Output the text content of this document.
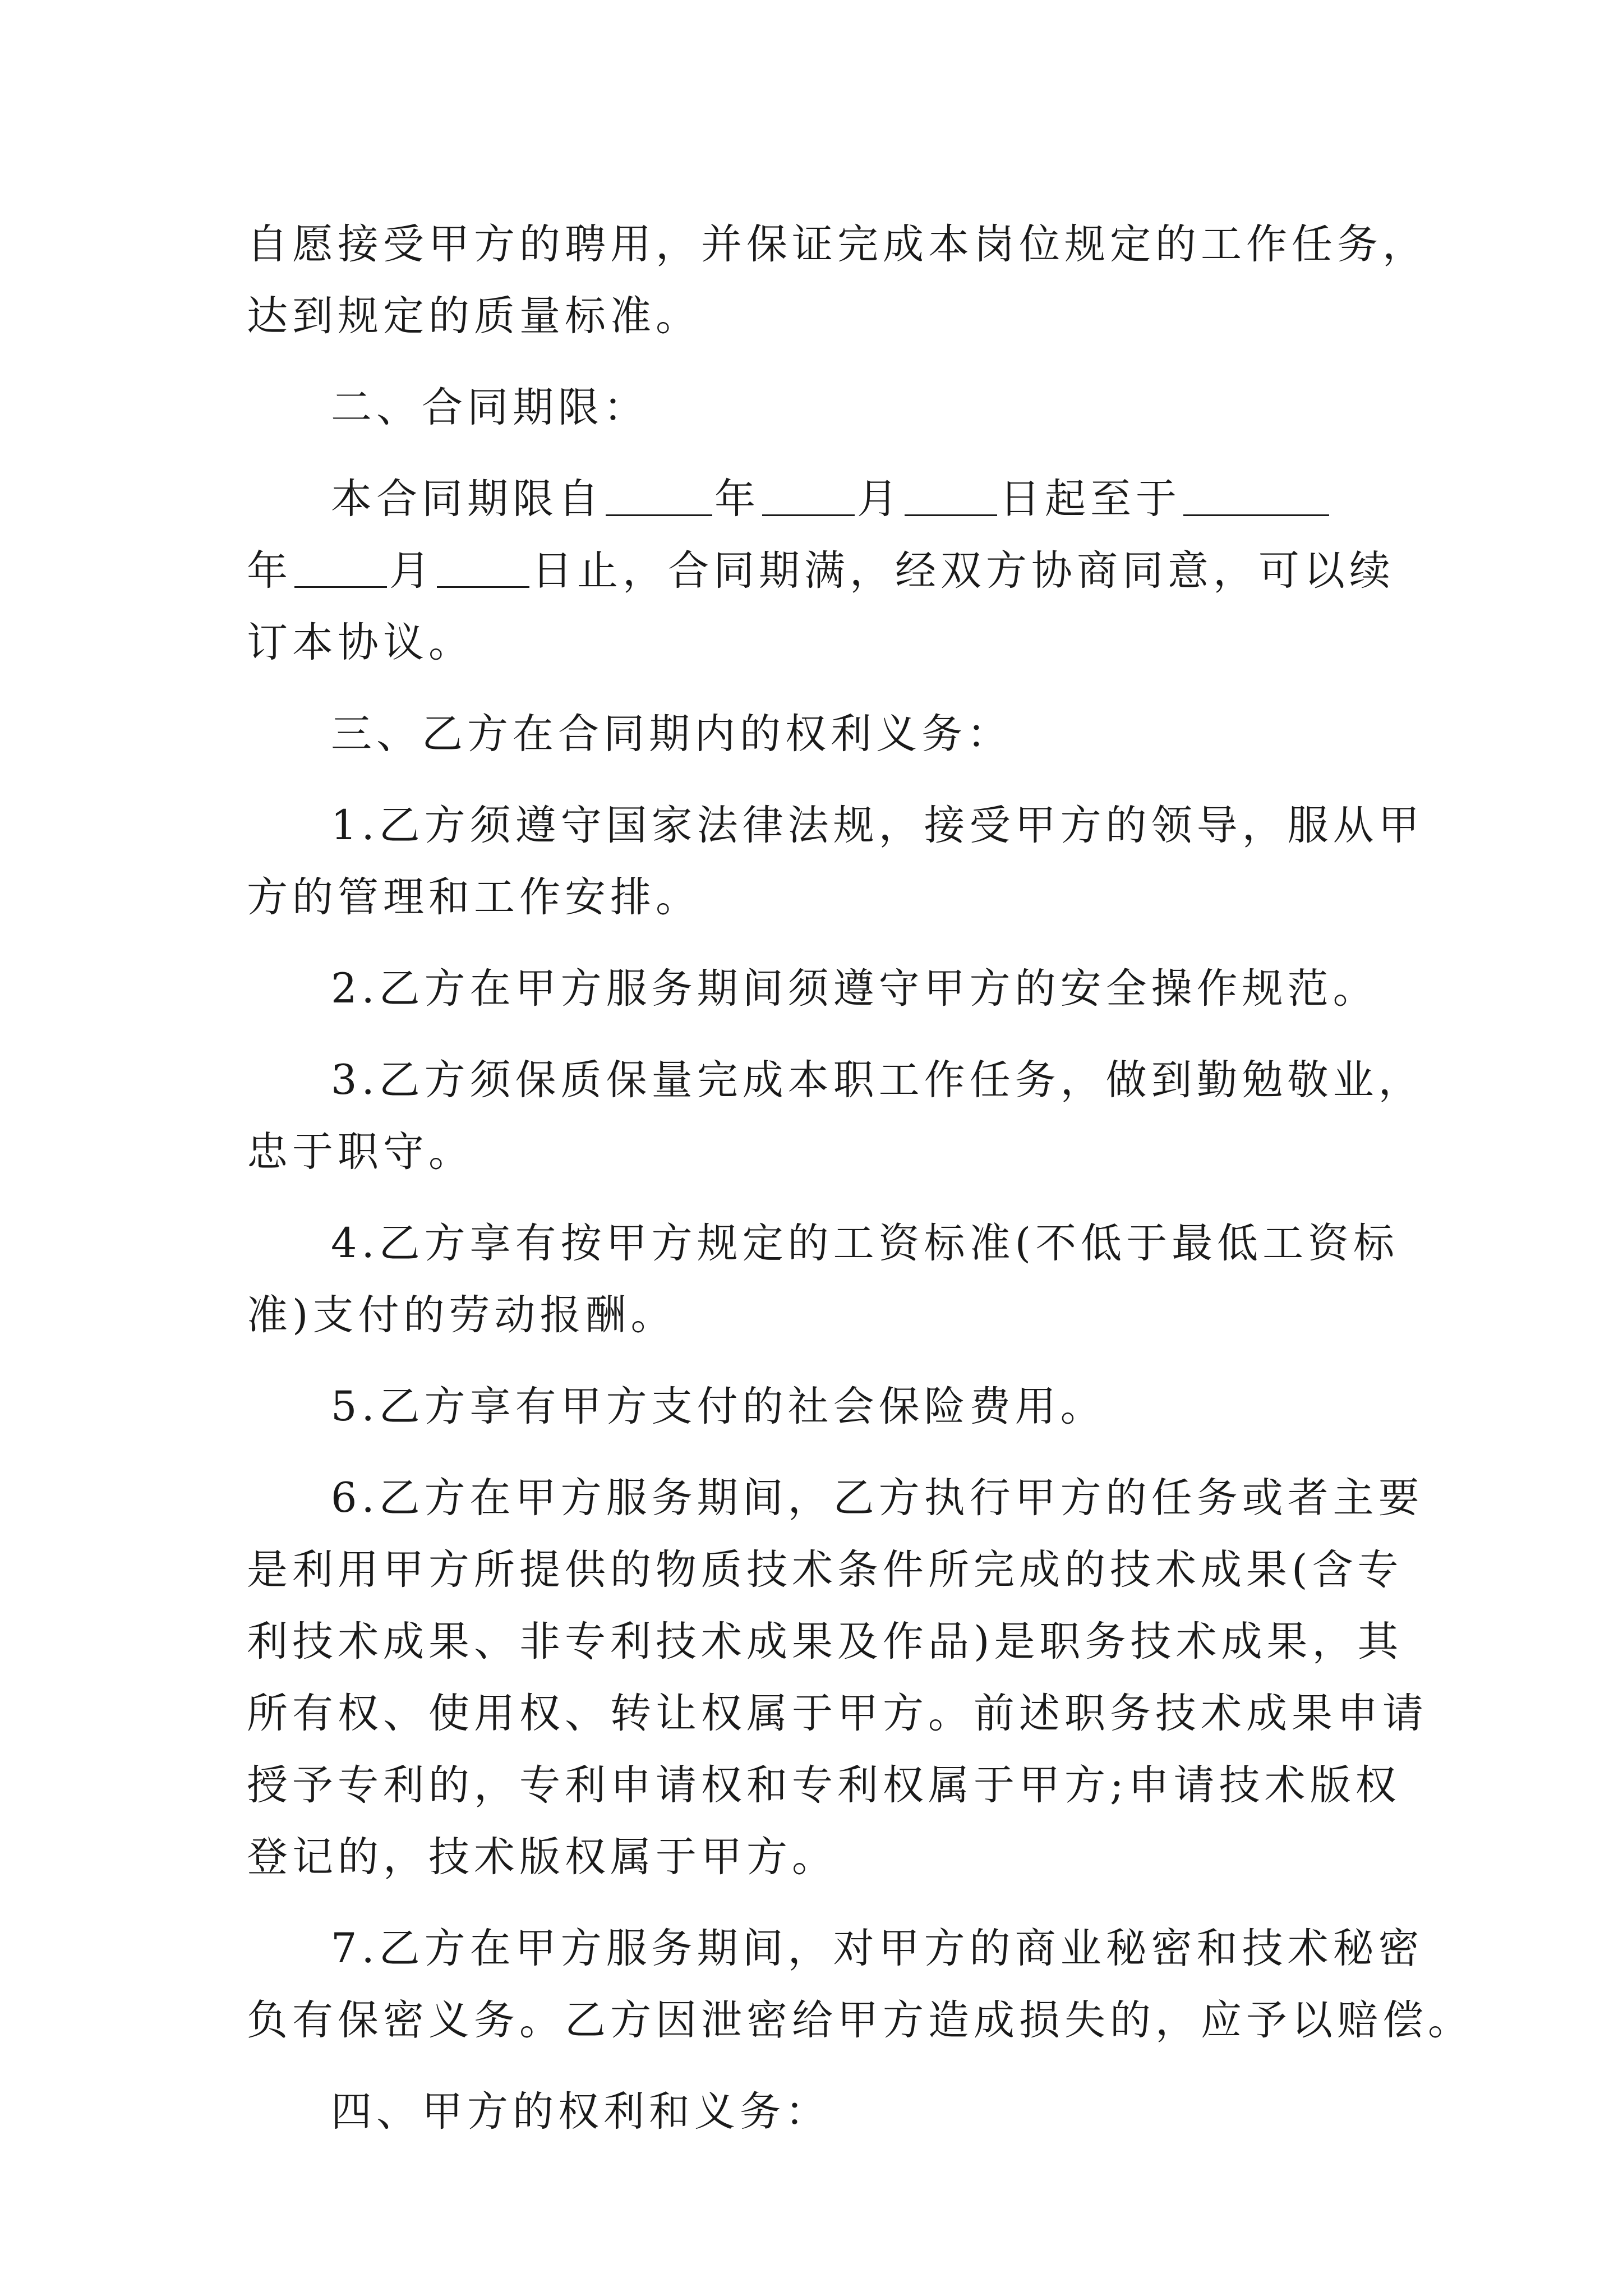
自愿接受甲方的聘用，并保证完成本岗位规定的工作任务，
达到规定的质量标准。

二、合同期限：

本合同期限自	年 月 日起至于
年 月 日止，合同期满，经双方协商同意，可以续
订本协议。

三、乙方在合同期内的权利义务：

1.乙方须遵守国家法律法规，接受甲方的领导，服从甲
方的管理和工作安排。

2.乙方在甲方服务期间须遵守甲方的安全操作规范。

3.乙方须保质保量完成本职工作任务，做到勤勉敬业，
忠于职守。

4.乙方享有按甲方规定的工资标准(不低于最低工资标
准)支付的劳动报酬。

5.乙方享有甲方支付的社会保险费用。

6.乙方在甲方服务期间，乙方执行甲方的任务或者主要
是利用甲方所提供的物质技术条件所完成的技术成果(含专
利技术成果、非专利技术成果及作品)是职务技术成果，其
所有权、使用权、转让权属于甲方。前述职务技术成果申请
授予专利的，专利申请权和专利权属于甲方;申请技术版权
登记的，技术版权属于甲方。

7.乙方在甲方服务期间，对甲方的商业秘密和技术秘密
负有保密义务。乙方因泄密给甲方造成损失的，应予以赔偿。

四、甲方的权利和义务：
